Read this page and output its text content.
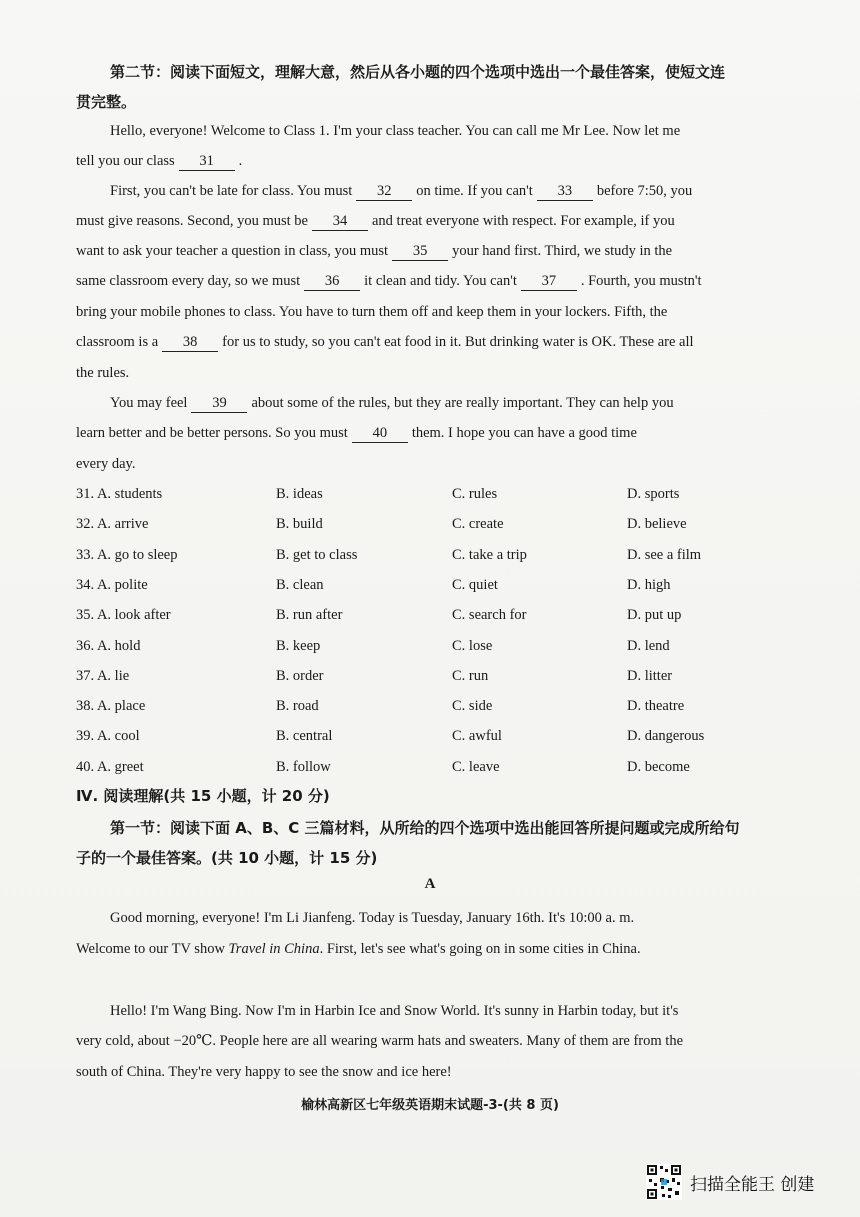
第二节：阅读下面短文，理解大意，然后从各小题的四个选项中选出一个最佳答案，使短文连
贯完整。
Hello, everyone! Welcome to Class 1. I'm your class teacher. You can call me Mr Lee. Now let me
tell you our class 31 .
First, you can't be late for class. You must 32 on time. If you can't 33 before 7:50, you
must give reasons. Second, you must be 34 and treat everyone with respect. For example, if you
want to ask your teacher a question in class, you must 35 your hand first. Third, we study in the
same classroom every day, so we must 36 it clean and tidy. You can't 37 . Fourth, you mustn't
bring your mobile phones to class. You have to turn them off and keep them in your lockers. Fifth, the
classroom is a 38 for us to study, so you can't eat food in it. But drinking water is OK. These are all
the rules.
You may feel 39 about some of the rules, but they are really important. They can help you
learn better and be better persons. So you must 40 them. I hope you can have a good time
every day.
31. A. students	B. ideas	C. rules	D. sports
32. A. arrive	B. build	C. create	D. believe
33. A. go to sleep	B. get to class	C. take a trip	D. see a film
34. A. polite	B. clean	C. quiet	D. high
35. A. look after	B. run after	C. search for	D. put up
36. A. hold	B. keep	C. lose	D. lend
37. A. lie	B. order	C. run	D. litter
38. A. place	B. road	C. side	D. theatre
39. A. cool	B. central	C. awful	D. dangerous
40. A. greet	B. follow	C. leave	D. become
Ⅳ. 阅读理解(共 15 小题，计 20 分)
第一节：阅读下面 A、B、C 三篇材料，从所给的四个选项中选出能回答所提问题或完成所给句
子的一个最佳答案。(共 10 小题，计 15 分)
A
Good morning, everyone! I'm Li Jianfeng. Today is Tuesday, January 16th. It's 10:00 a. m.
Welcome to our TV show Travel in China. First, let's see what's going on in some cities in China.
Hello! I'm Wang Bing. Now I'm in Harbin Ice and Snow World. It's sunny in Harbin today, but it's
very cold, about −20℃. People here are all wearing warm hats and sweaters. Many of them are from the
south of China. They're very happy to see the snow and ice here!
榆林高新区七年级英语期末试题-3-(共 8 页)
扫描全能王 创建
